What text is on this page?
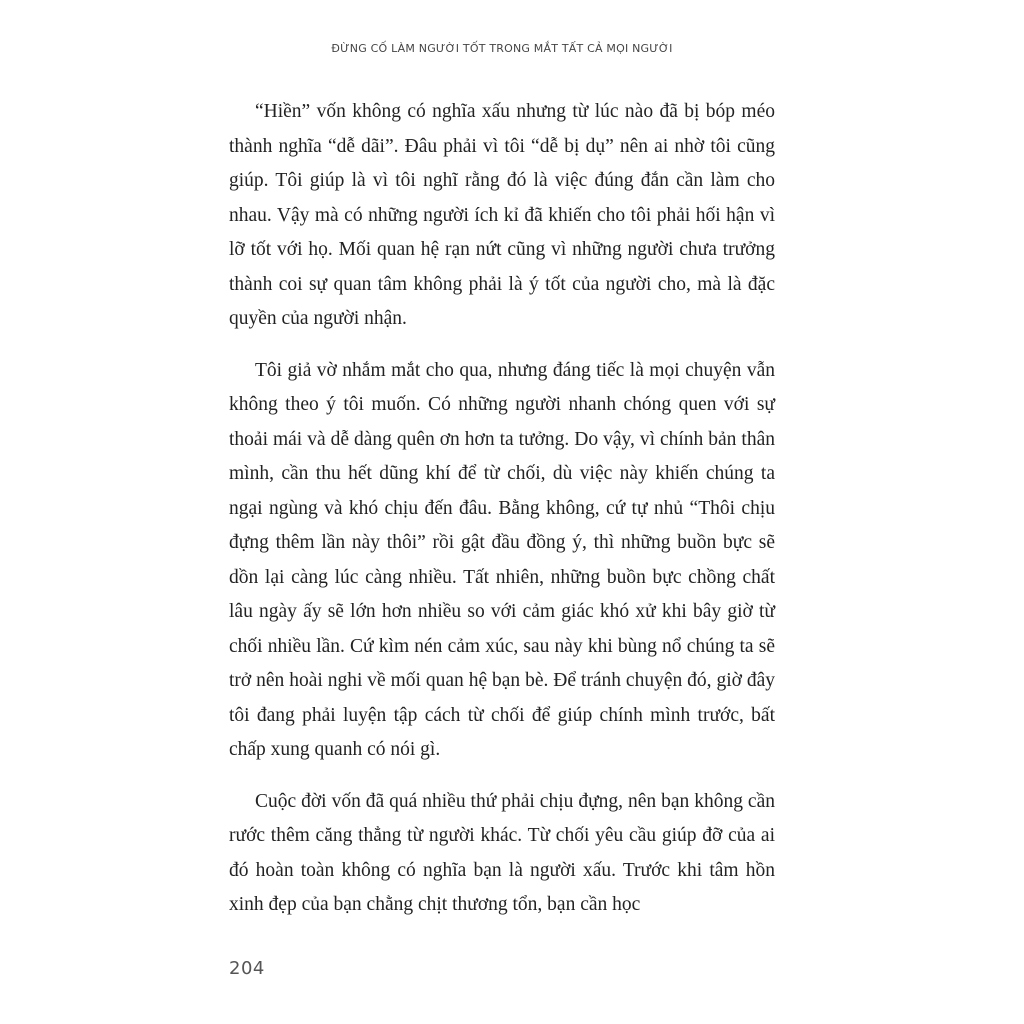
ĐỪNG CỐ LÀM NGƯỜI TỐT TRONG MẮT TẤT CẢ MỌI NGƯỜI

“Hiền” vốn không có nghĩa xấu nhưng từ lúc nào đã bị bóp méo thành nghĩa “dễ dãi”. Đâu phải vì tôi “dễ bị dụ” nên ai nhờ tôi cũng giúp. Tôi giúp là vì tôi nghĩ rằng đó là việc đúng đắn cần làm cho nhau. Vậy mà có những người ích kỉ đã khiến cho tôi phải hối hận vì lỡ tốt với họ. Mối quan hệ rạn nứt cũng vì những người chưa trưởng thành coi sự quan tâm không phải là ý tốt của người cho, mà là đặc quyền của người nhận.

Tôi giả vờ nhắm mắt cho qua, nhưng đáng tiếc là mọi chuyện vẫn không theo ý tôi muốn. Có những người nhanh chóng quen với sự thoải mái và dễ dàng quên ơn hơn ta tưởng. Do vậy, vì chính bản thân mình, cần thu hết dũng khí để từ chối, dù việc này khiến chúng ta ngại ngùng và khó chịu đến đâu. Bằng không, cứ tự nhủ “Thôi chịu đựng thêm lần này thôi” rồi gật đầu đồng ý, thì những buồn bực sẽ dồn lại càng lúc càng nhiều. Tất nhiên, những buồn bực chồng chất lâu ngày ấy sẽ lớn hơn nhiều so với cảm giác khó xử khi bây giờ từ chối nhiều lần. Cứ kìm nén cảm xúc, sau này khi bùng nổ chúng ta sẽ trở nên hoài nghi về mối quan hệ bạn bè. Để tránh chuyện đó, giờ đây tôi đang phải luyện tập cách từ chối để giúp chính mình trước, bất chấp xung quanh có nói gì.

Cuộc đời vốn đã quá nhiều thứ phải chịu đựng, nên bạn không cần rước thêm căng thẳng từ người khác. Từ chối yêu cầu giúp đỡ của ai đó hoàn toàn không có nghĩa bạn là người xấu. Trước khi tâm hồn xinh đẹp của bạn chằng chịt thương tổn, bạn cần học

204
